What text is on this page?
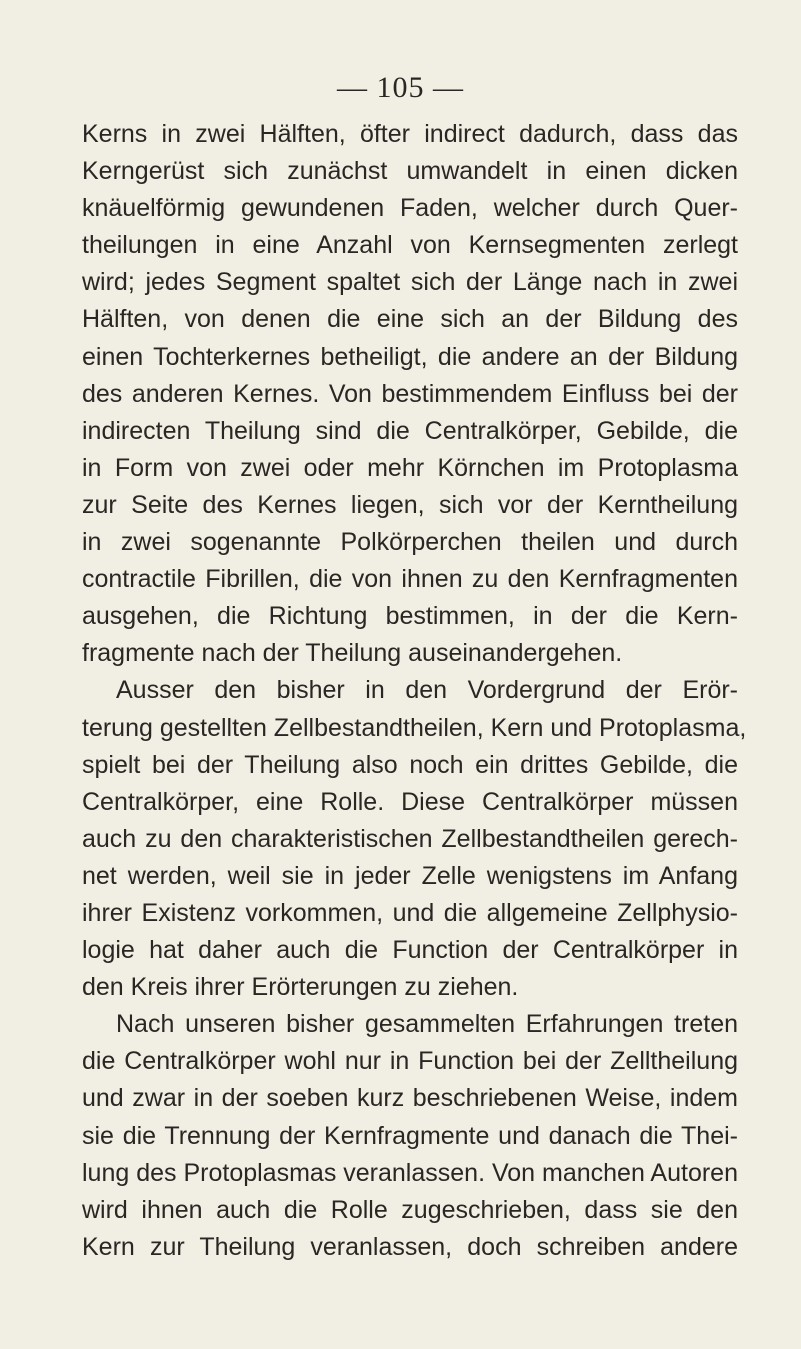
— 105 —
Kerns in zwei Hälften, öfter indirect dadurch, dass das
Kerngerüst sich zunächst umwandelt in einen dicken
knäuelförmig gewundenen Faden, welcher durch Quer-
theilungen in eine Anzahl von Kernsegmenten zerlegt
wird; jedes Segment spaltet sich der Länge nach in zwei
Hälften, von denen die eine sich an der Bildung des
einen Tochterkernes betheiligt, die andere an der Bildung
des anderen Kernes. Von bestimmendem Einfluss bei der
indirecten Theilung sind die Centralkörper, Gebilde, die
in Form von zwei oder mehr Körnchen im Protoplasma
zur Seite des Kernes liegen, sich vor der Kerntheilung
in zwei sogenannte Polkörperchen theilen und durch
contractile Fibrillen, die von ihnen zu den Kernfragmenten
ausgehen, die Richtung bestimmen, in der die Kern-
fragmente nach der Theilung auseinandergehen.
Ausser den bisher in den Vordergrund der Erör-
terung gestellten Zellbestandtheilen, Kern und Protoplasma,
spielt bei der Theilung also noch ein drittes Gebilde, die
Centralkörper, eine Rolle. Diese Centralkörper müssen
auch zu den charakteristischen Zellbestandtheilen gerech-
net werden, weil sie in jeder Zelle wenigstens im Anfang
ihrer Existenz vorkommen, und die allgemeine Zellphysio-
logie hat daher auch die Function der Centralkörper in
den Kreis ihrer Erörterungen zu ziehen.
Nach unseren bisher gesammelten Erfahrungen treten
die Centralkörper wohl nur in Function bei der Zelltheilung
und zwar in der soeben kurz beschriebenen Weise, indem
sie die Trennung der Kernfragmente und danach die Thei-
lung des Protoplasmas veranlassen. Von manchen Autoren
wird ihnen auch die Rolle zugeschrieben, dass sie den
Kern zur Theilung veranlassen, doch schreiben andere
